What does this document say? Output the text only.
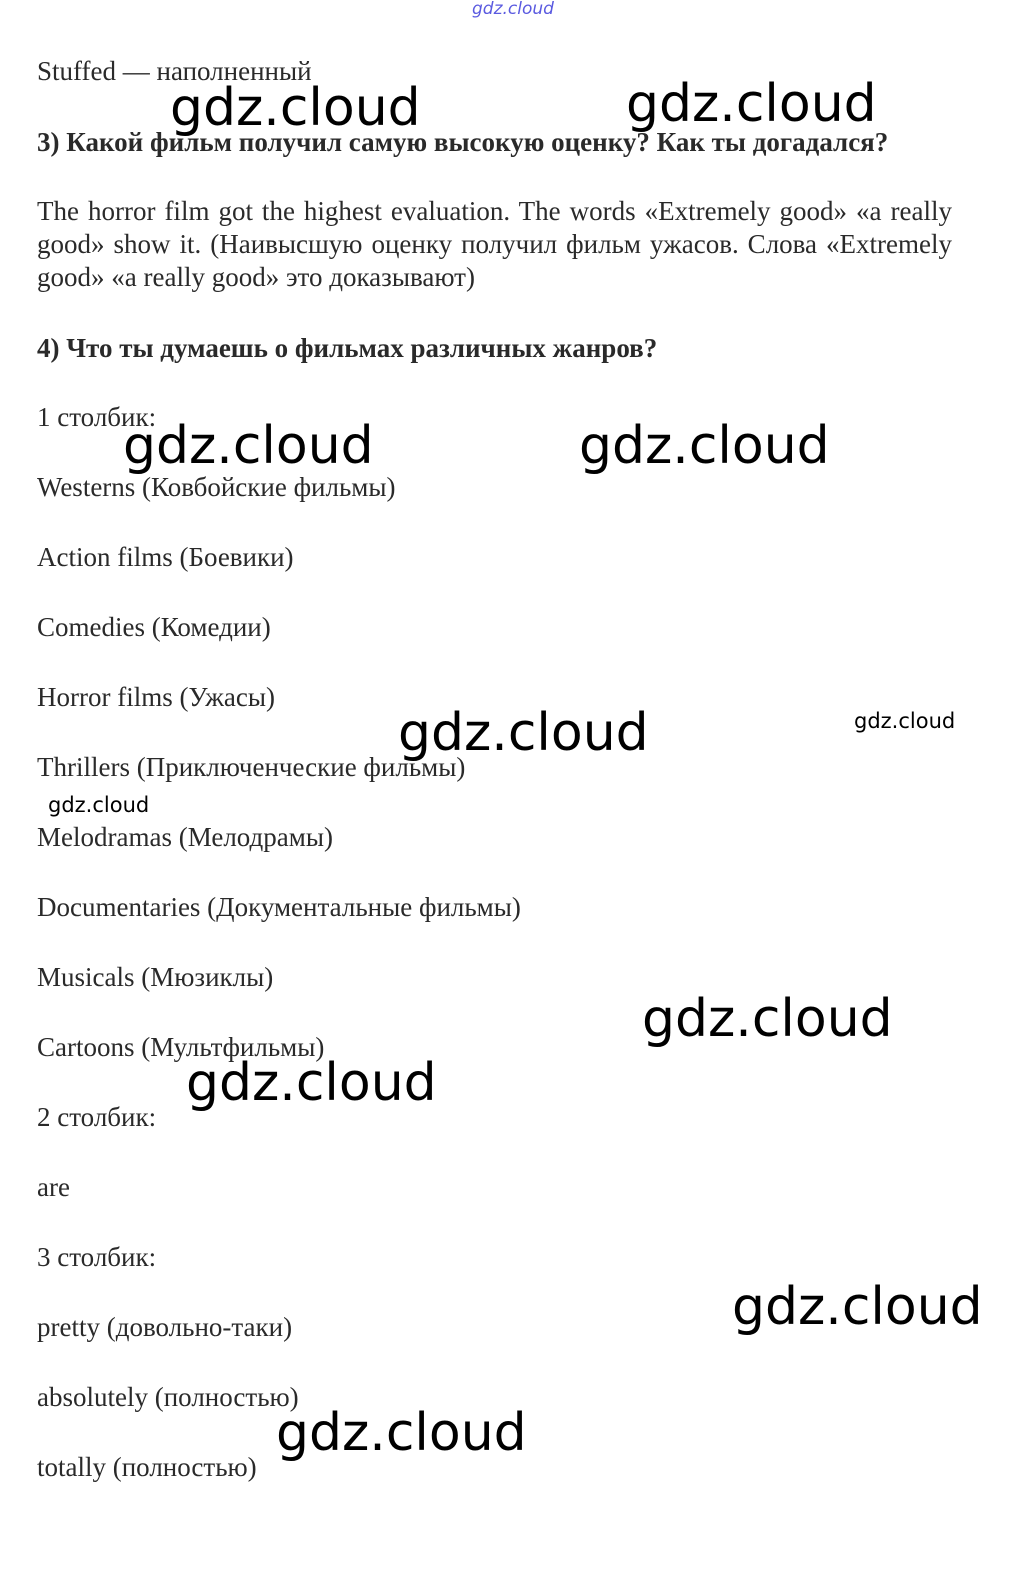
gdz.cloud
Stuffed — наполненный
3) Какой фильм получил самую высокую оценку? Как ты догадался?
The horror film got the highest evaluation. The words «Extremely good» «a really good» show it. (Наивысшую оценку получил фильм ужасов. Слова «Extremely good» «a really good» это доказывают)
4) Что ты думаешь о фильмах различных жанров?
1 столбик:
Westerns (Ковбойские фильмы)
Action films (Боевики)
Comedies (Комедии)
Horror films (Ужасы)
Thrillers (Приключенческие фильмы)
Melodramas (Мелодрамы)
Documentaries (Документальные фильмы)
Musicals (Мюзиклы)
Cartoons (Мультфильмы)
2 столбик:
are
3 столбик:
pretty (довольно-таки)
absolutely (полностью)
totally (полностью)
gdz.cloud	gdz.cloud
gdz.cloud	gdz.cloud
gdz.cloud	gdz.cloud
gdz.cloud
gdz.cloud
gdz.cloud
gdz.cloud
gdz.cloud
